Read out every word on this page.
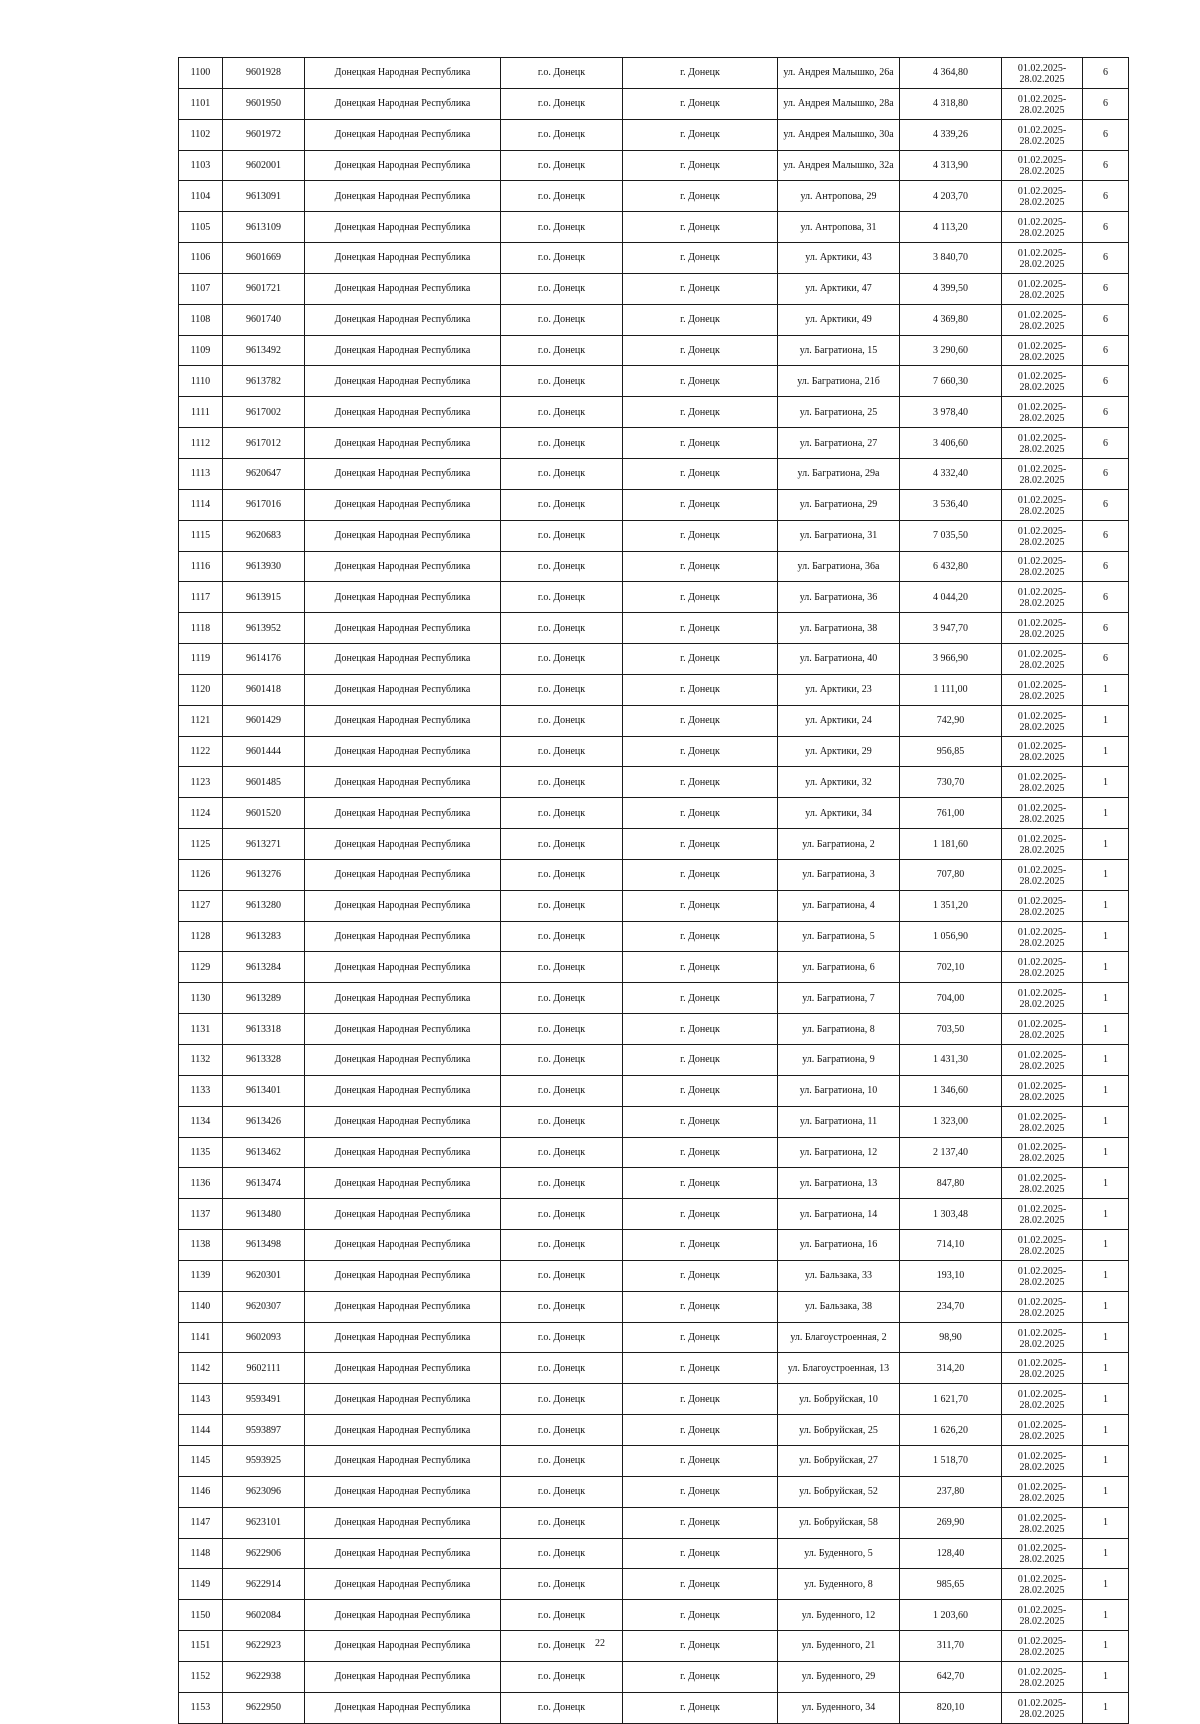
1100	9601928	Донецкая Народная Республика	г.о. Донецк	г. Донецк	ул. Андрея Малышко, 26а	4 364,80	01.02.2025-28.02.2025	6
1101	9601950	Донецкая Народная Республика	г.о. Донецк	г. Донецк	ул. Андрея Малышко, 28а	4 318,80	01.02.2025-28.02.2025	6
1102	9601972	Донецкая Народная Республика	г.о. Донецк	г. Донецк	ул. Андрея Малышко, 30а	4 339,26	01.02.2025-28.02.2025	6
1103	9602001	Донецкая Народная Республика	г.о. Донецк	г. Донецк	ул. Андрея Малышко, 32а	4 313,90	01.02.2025-28.02.2025	6
1104	9613091	Донецкая Народная Республика	г.о. Донецк	г. Донецк	ул. Антропова, 29	4 203,70	01.02.2025-28.02.2025	6
1105	9613109	Донецкая Народная Республика	г.о. Донецк	г. Донецк	ул. Антропова, 31	4 113,20	01.02.2025-28.02.2025	6
1106	9601669	Донецкая Народная Республика	г.о. Донецк	г. Донецк	ул. Арктики, 43	3 840,70	01.02.2025-28.02.2025	6
1107	9601721	Донецкая Народная Республика	г.о. Донецк	г. Донецк	ул. Арктики, 47	4 399,50	01.02.2025-28.02.2025	6
1108	9601740	Донецкая Народная Республика	г.о. Донецк	г. Донецк	ул. Арктики, 49	4 369,80	01.02.2025-28.02.2025	6
1109	9613492	Донецкая Народная Республика	г.о. Донецк	г. Донецк	ул. Багратиона, 15	3 290,60	01.02.2025-28.02.2025	6
1110	9613782	Донецкая Народная Республика	г.о. Донецк	г. Донецк	ул. Багратиона, 21б	7 660,30	01.02.2025-28.02.2025	6
1111	9617002	Донецкая Народная Республика	г.о. Донецк	г. Донецк	ул. Багратиона, 25	3 978,40	01.02.2025-28.02.2025	6
1112	9617012	Донецкая Народная Республика	г.о. Донецк	г. Донецк	ул. Багратиона, 27	3 406,60	01.02.2025-28.02.2025	6
1113	9620647	Донецкая Народная Республика	г.о. Донецк	г. Донецк	ул. Багратиона, 29а	4 332,40	01.02.2025-28.02.2025	6
1114	9617016	Донецкая Народная Республика	г.о. Донецк	г. Донецк	ул. Багратиона, 29	3 536,40	01.02.2025-28.02.2025	6
1115	9620683	Донецкая Народная Республика	г.о. Донецк	г. Донецк	ул. Багратиона, 31	7 035,50	01.02.2025-28.02.2025	6
1116	9613930	Донецкая Народная Республика	г.о. Донецк	г. Донецк	ул. Багратиона, 36а	6 432,80	01.02.2025-28.02.2025	6
1117	9613915	Донецкая Народная Республика	г.о. Донецк	г. Донецк	ул. Багратиона, 36	4 044,20	01.02.2025-28.02.2025	6
1118	9613952	Донецкая Народная Республика	г.о. Донецк	г. Донецк	ул. Багратиона, 38	3 947,70	01.02.2025-28.02.2025	6
1119	9614176	Донецкая Народная Республика	г.о. Донецк	г. Донецк	ул. Багратиона, 40	3 966,90	01.02.2025-28.02.2025	6
1120	9601418	Донецкая Народная Республика	г.о. Донецк	г. Донецк	ул. Арктики, 23	1 111,00	01.02.2025-28.02.2025	1
1121	9601429	Донецкая Народная Республика	г.о. Донецк	г. Донецк	ул. Арктики, 24	742,90	01.02.2025-28.02.2025	1
1122	9601444	Донецкая Народная Республика	г.о. Донецк	г. Донецк	ул. Арктики, 29	956,85	01.02.2025-28.02.2025	1
1123	9601485	Донецкая Народная Республика	г.о. Донецк	г. Донецк	ул. Арктики, 32	730,70	01.02.2025-28.02.2025	1
1124	9601520	Донецкая Народная Республика	г.о. Донецк	г. Донецк	ул. Арктики, 34	761,00	01.02.2025-28.02.2025	1
1125	9613271	Донецкая Народная Республика	г.о. Донецк	г. Донецк	ул. Багратиона, 2	1 181,60	01.02.2025-28.02.2025	1
1126	9613276	Донецкая Народная Республика	г.о. Донецк	г. Донецк	ул. Багратиона, 3	707,80	01.02.2025-28.02.2025	1
1127	9613280	Донецкая Народная Республика	г.о. Донецк	г. Донецк	ул. Багратиона, 4	1 351,20	01.02.2025-28.02.2025	1
1128	9613283	Донецкая Народная Республика	г.о. Донецк	г. Донецк	ул. Багратиона, 5	1 056,90	01.02.2025-28.02.2025	1
1129	9613284	Донецкая Народная Республика	г.о. Донецк	г. Донецк	ул. Багратиона, 6	702,10	01.02.2025-28.02.2025	1
1130	9613289	Донецкая Народная Республика	г.о. Донецк	г. Донецк	ул. Багратиона, 7	704,00	01.02.2025-28.02.2025	1
1131	9613318	Донецкая Народная Республика	г.о. Донецк	г. Донецк	ул. Багратиона, 8	703,50	01.02.2025-28.02.2025	1
1132	9613328	Донецкая Народная Республика	г.о. Донецк	г. Донецк	ул. Багратиона, 9	1 431,30	01.02.2025-28.02.2025	1
1133	9613401	Донецкая Народная Республика	г.о. Донецк	г. Донецк	ул. Багратиона, 10	1 346,60	01.02.2025-28.02.2025	1
1134	9613426	Донецкая Народная Республика	г.о. Донецк	г. Донецк	ул. Багратиона, 11	1 323,00	01.02.2025-28.02.2025	1
1135	9613462	Донецкая Народная Республика	г.о. Донецк	г. Донецк	ул. Багратиона, 12	2 137,40	01.02.2025-28.02.2025	1
1136	9613474	Донецкая Народная Республика	г.о. Донецк	г. Донецк	ул. Багратиона, 13	847,80	01.02.2025-28.02.2025	1
1137	9613480	Донецкая Народная Республика	г.о. Донецк	г. Донецк	ул. Багратиона, 14	1 303,48	01.02.2025-28.02.2025	1
1138	9613498	Донецкая Народная Республика	г.о. Донецк	г. Донецк	ул. Багратиона, 16	714,10	01.02.2025-28.02.2025	1
1139	9620301	Донецкая Народная Республика	г.о. Донецк	г. Донецк	ул. Бальзака, 33	193,10	01.02.2025-28.02.2025	1
1140	9620307	Донецкая Народная Республика	г.о. Донецк	г. Донецк	ул. Бальзака, 38	234,70	01.02.2025-28.02.2025	1
1141	9602093	Донецкая Народная Республика	г.о. Донецк	г. Донецк	ул. Благоустроенная, 2	98,90	01.02.2025-28.02.2025	1
1142	9602111	Донецкая Народная Республика	г.о. Донецк	г. Донецк	ул. Благоустроенная, 13	314,20	01.02.2025-28.02.2025	1
1143	9593491	Донецкая Народная Республика	г.о. Донецк	г. Донецк	ул. Бобруйская, 10	1 621,70	01.02.2025-28.02.2025	1
1144	9593897	Донецкая Народная Республика	г.о. Донецк	г. Донецк	ул. Бобруйская, 25	1 626,20	01.02.2025-28.02.2025	1
1145	9593925	Донецкая Народная Республика	г.о. Донецк	г. Донецк	ул. Бобруйская, 27	1 518,70	01.02.2025-28.02.2025	1
1146	9623096	Донецкая Народная Республика	г.о. Донецк	г. Донецк	ул. Бобруйская, 52	237,80	01.02.2025-28.02.2025	1
1147	9623101	Донецкая Народная Республика	г.о. Донецк	г. Донецк	ул. Бобруйская, 58	269,90	01.02.2025-28.02.2025	1
1148	9622906	Донецкая Народная Республика	г.о. Донецк	г. Донецк	ул. Буденного, 5	128,40	01.02.2025-28.02.2025	1
1149	9622914	Донецкая Народная Республика	г.о. Донецк	г. Донецк	ул. Буденного, 8	985,65	01.02.2025-28.02.2025	1
1150	9602084	Донецкая Народная Республика	г.о. Донецк	г. Донецк	ул. Буденного, 12	1 203,60	01.02.2025-28.02.2025	1
1151	9622923	Донецкая Народная Республика	г.о. Донецк	г. Донецк	ул. Буденного, 21	311,70	01.02.2025-28.02.2025	1
1152	9622938	Донецкая Народная Республика	г.о. Донецк	г. Донецк	ул. Буденного, 29	642,70	01.02.2025-28.02.2025	1
1153	9622950	Донецкая Народная Республика	г.о. Донецк	г. Донецк	ул. Буденного, 34	820,10	01.02.2025-28.02.2025	1
22
